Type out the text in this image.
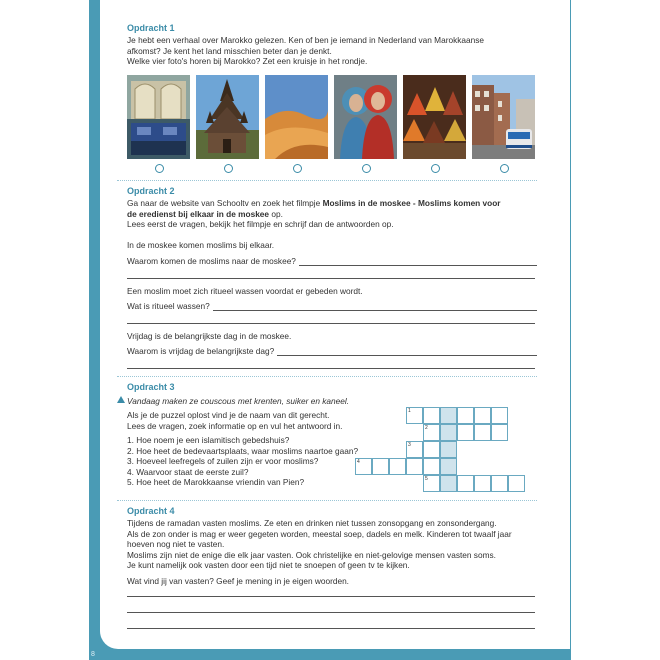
8
Opdracht 1

Je hebt een verhaal over Marokko gelezen. Ken of ben je iemand in Nederland van Marokkaanse

afkomst? Je kent het land misschien beter dan je denkt.

Welke vier foto's horen bij Marokko? Zet een kruisje in het rondje.

Opdracht 2

Ga naar de website van Schooltv en zoek het filmpje Moslims in de moskee - Moslims komen voor

de eredienst bij elkaar in de moskee op.

Lees eerst de vragen, bekijk het filmpje en schrijf dan de antwoorden op.

In de moskee komen moslims bij elkaar.
Waarom komen de moslims naar de moskee?
Een moslim moet zich ritueel wassen voordat er gebeden wordt.
Wat is ritueel wassen?
Vrijdag is de belangrijkste dag in de moskee.
Waarom is vrijdag de belangrijkste dag?
Opdracht 3
Vandaag maken ze couscous met krenten, suiker en kaneel.

Als je de puzzel oplost vind je de naam van dit gerecht.

Lees de vragen, zoek informatie op en vul het antwoord in.

1. Hoe noem je een islamitisch gebedshuis?

2. Hoe heet de bedevaartsplaats, waar moslims naartoe gaan?

3. Hoeveel leefregels of zuilen zijn er voor moslims?

4. Waarvoor staat de eerste zuil?

5. Hoe heet de Marokkaanse vriendin van Pien?

1
2
3
4
5
Opdracht 4

Tijdens de ramadan vasten moslims. Ze eten en drinken niet tussen zonsopgang en zonsondergang.

Als de zon onder is mag er weer gegeten worden, meestal soep, dadels en melk. Kinderen tot twaalf jaar

hoeven nog niet te vasten.

Moslims zijn niet de enige die elk jaar vasten. Ook christelijke en niet-gelovige mensen vasten soms.

Je kunt namelijk ook vasten door een tijd niet te snoepen of geen tv te kijken.

Wat vind jij van vasten? Geef je mening in je eigen woorden.
